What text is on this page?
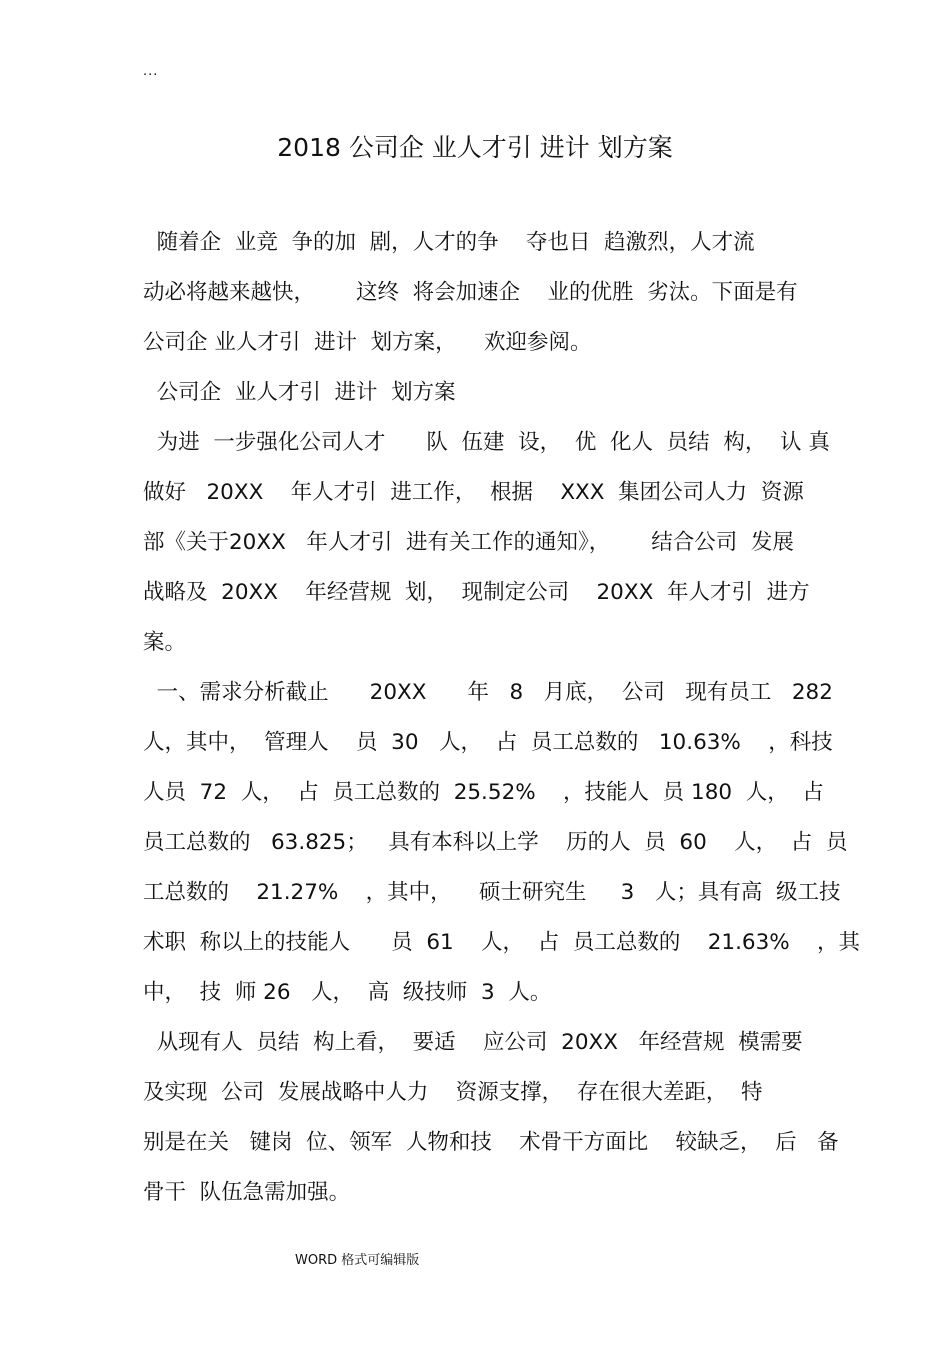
...
2018 公司企 业人才引 进计 划方案
随着企  业竞  争的加  剧，人才的争    夺也日  趋激烈，人才流
动必将越来越快，      这终  将会加速企    业的优胜  劣汰。下面是有
公司企 业人才引  进计  划方案，    欢迎参阅。
公司企  业人才引  进计  划方案
为进  一步强化公司人才      队  伍建  设，  优  化人  员结  构，  认 真
做好   20XX    年人才引  进工作，  根据    XXX  集团公司人力  资源
部《关于20XX   年人才引  进有关工作的通知》，      结合公司  发展
战略及  20XX    年经营规  划，  现制定公司    20XX  年人才引  进方
案。
一、需求分析截止      20XX      年   8   月底，  公司   现有员工   282
人，其中，  管理人    员  30   人，  占  员工总数的   10.63%    ，科技
人员  72  人，  占  员工总数的  25.52%    ，技能人  员 180  人，  占
员工总数的   63.825；   具有本科以上学    历的人  员  60    人，  占  员
工总数的    21.27%    ，其中，    硕士研究生     3   人；具有高  级工技
术职  称以上的技能人      员  61    人，  占  员工总数的    21.63%    ，其
中，  技  师 26   人，  高  级技师  3  人。
从现有人  员结  构上看，  要适    应公司  20XX   年经营规  模需要
及实现  公司  发展战略中人力    资源支撑，  存在很大差距，  特
别是在关   键岗  位、领军  人物和技    术骨干方面比    较缺乏，  后   备
骨干  队伍急需加强。
WORD 格式可编辑版
